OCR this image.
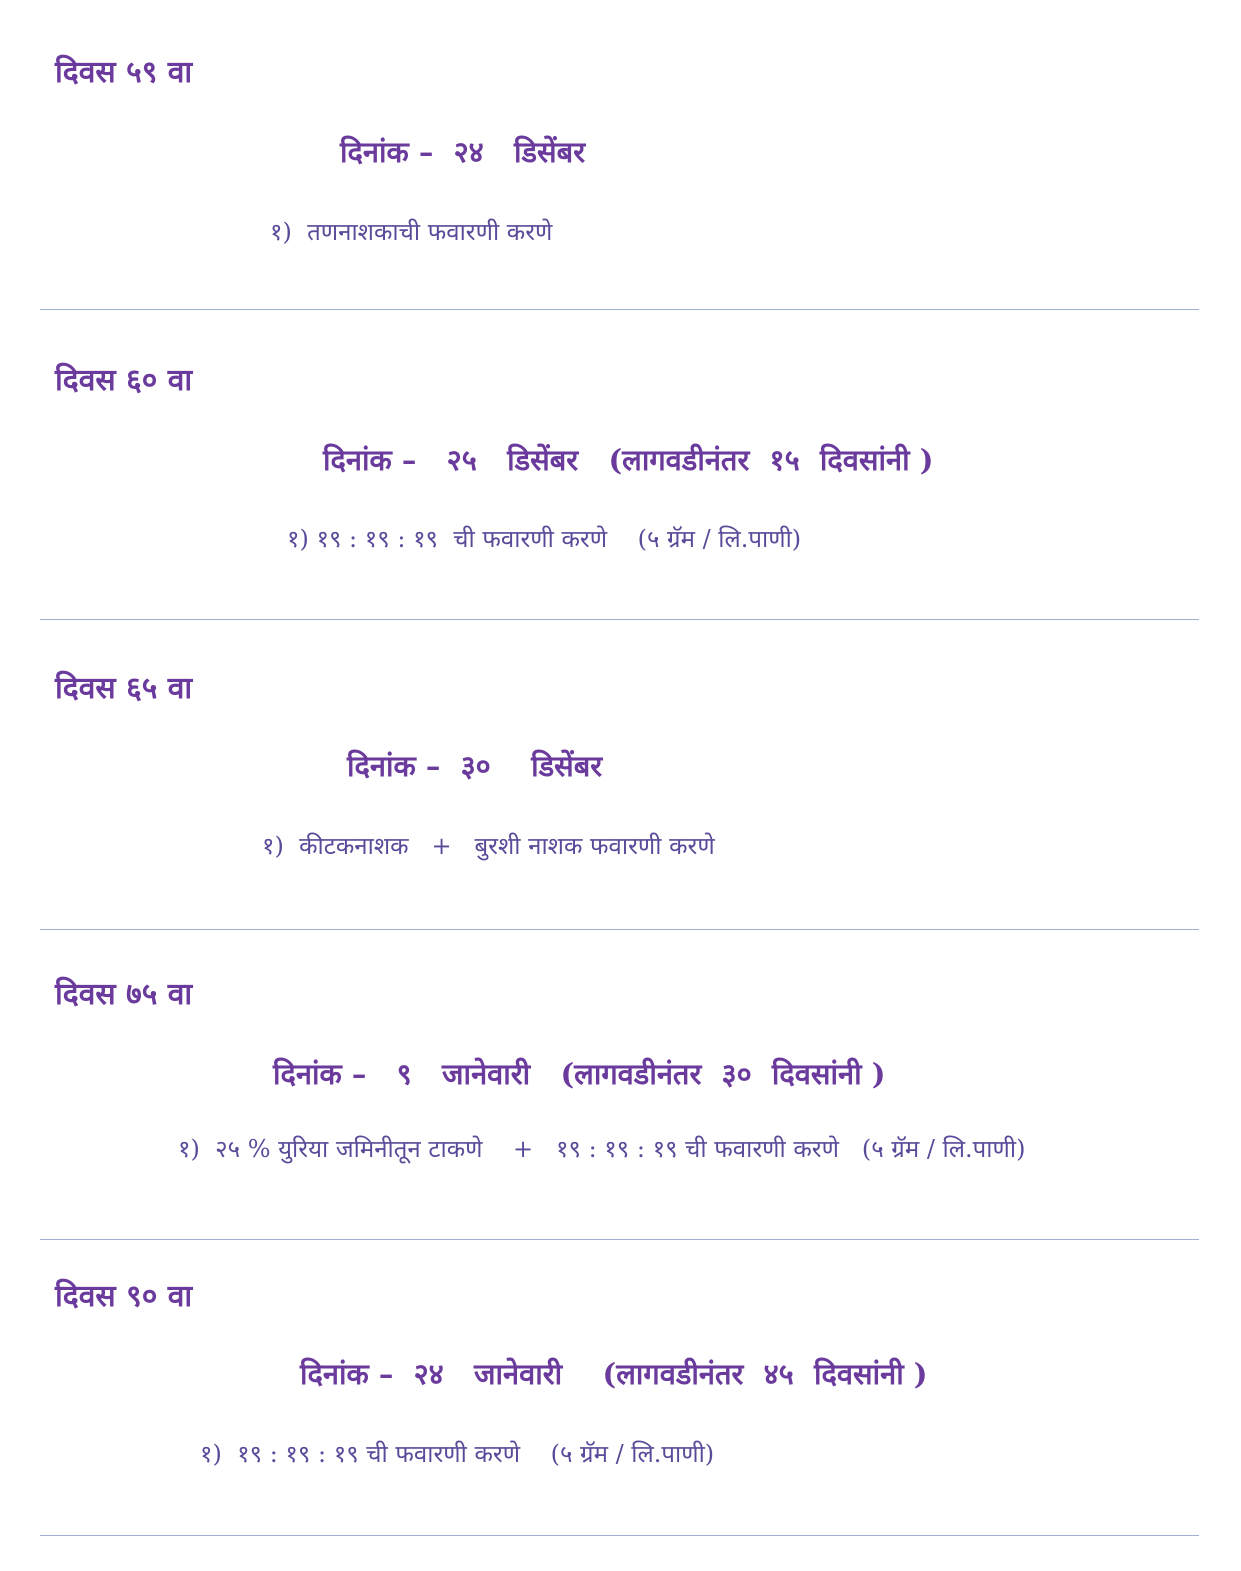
दिवस ५९ वा
दिनांक –  २४   डिसेंबर
१)  तणनाशकाची फवारणी करणे
दिवस ६० वा
दिनांक –   २५   डिसेंबर   (लागवडीनंतर  १५  दिवसांनी )
१) १९ : १९ : १९  ची फवारणी करणे    (५ ग्रॅम / लि.पाणी)
दिवस ६५ वा
दिनांक –  ३०    डिसेंबर
१)  कीटकनाशक   +   बुरशी नाशक फवारणी करणे
दिवस ७५ वा
दिनांक –   ९   जानेवारी   (लागवडीनंतर  ३०  दिवसांनी )
१)  २५ % युरिया जमिनीतून टाकणे    +   १९ : १९ : १९ ची फवारणी करणे   (५ ग्रॅम / लि.पाणी)
दिवस ९० वा
दिनांक –  २४   जानेवारी    (लागवडीनंतर  ४५  दिवसांनी )
१)  १९ : १९ : १९ ची फवारणी करणे    (५ ग्रॅम / लि.पाणी)
